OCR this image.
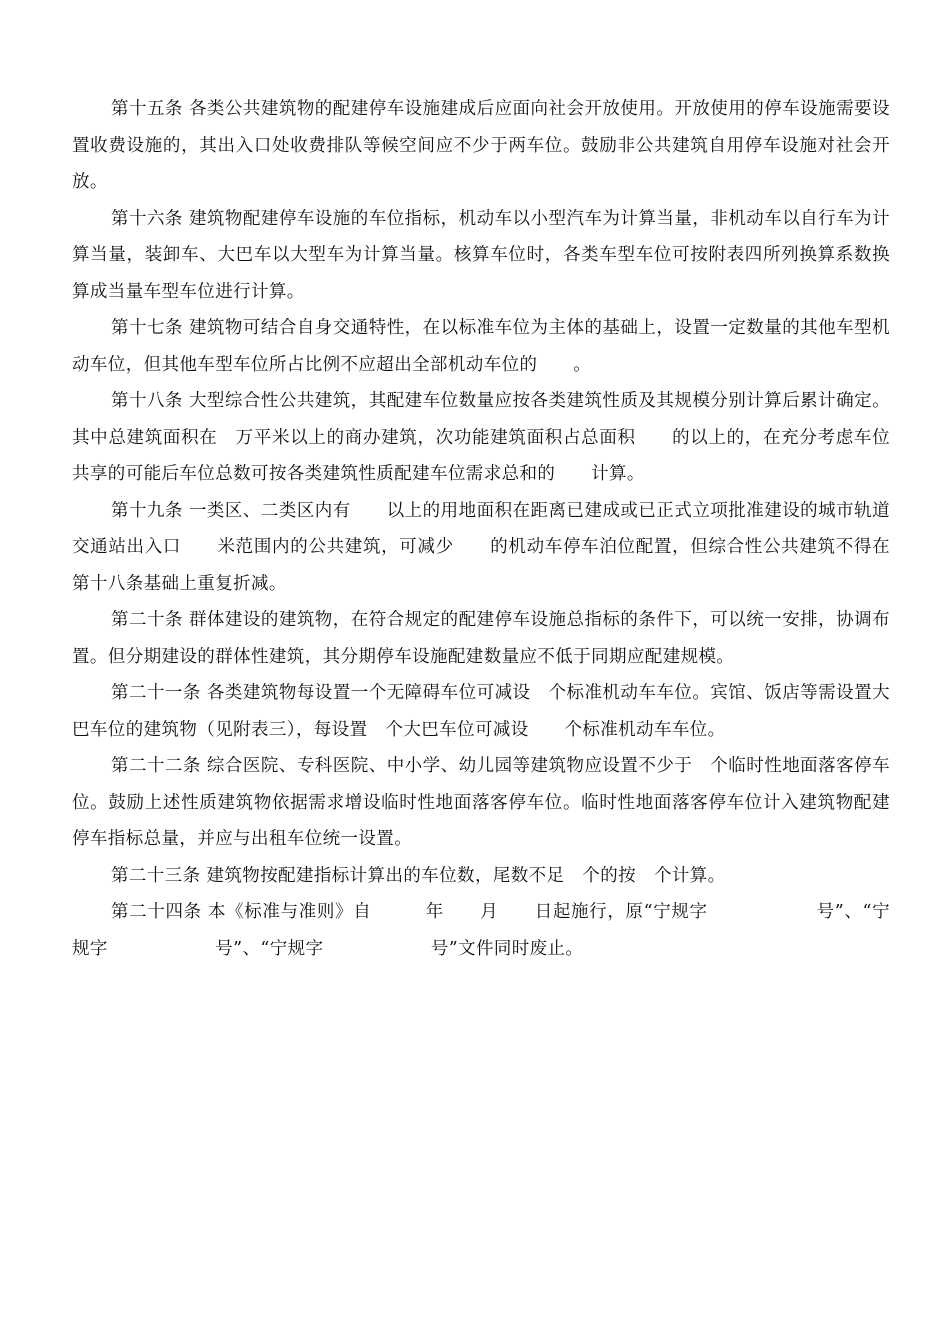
第十五条 各类公共建筑物的配建停车设施建成后应面向社会开放使用。开放使用的停车设施需要设置收费设施的，其出入口处收费排队等候空间应不少于两车位。鼓励非公共建筑自用停车设施对社会开放。

第十六条 建筑物配建停车设施的车位指标，机动车以小型汽车为计算当量，非机动车以自行车为计算当量，装卸车、大巴车以大型车为计算当量。核算车位时，各类车型车位可按附表四所列换算系数换算成当量车型车位进行计算。

第十七条 建筑物可结合自身交通特性，在以标准车位为主体的基础上，设置一定数量的其他车型机动车位，但其他车型车位所占比例不应超出全部机动车位的　　。

第十八条 大型综合性公共建筑，其配建车位数量应按各类建筑性质及其规模分别计算后累计确定。其中总建筑面积在　万平米以上的商办建筑，次功能建筑面积占总面积　　的以上的，在充分考虑车位共享的可能后车位总数可按各类建筑性质配建车位需求总和的　　计算。

第十九条 一类区、二类区内有　　以上的用地面积在距离已建成或已正式立项批准建设的城市轨道交通站出入口　　米范围内的公共建筑，可减少　　的机动车停车泊位配置，但综合性公共建筑不得在第十八条基础上重复折减。

第二十条 群体建设的建筑物，在符合规定的配建停车设施总指标的条件下，可以统一安排，协调布置。但分期建设的群体性建筑，其分期停车设施配建数量应不低于同期应配建规模。

第二十一条 各类建筑物每设置一个无障碍车位可减设　个标准机动车车位。宾馆、饭店等需设置大巴车位的建筑物（见附表三），每设置　个大巴车位可减设　　个标准机动车车位。

第二十二条 综合医院、专科医院、中小学、幼儿园等建筑物应设置不少于　个临时性地面落客停车位。鼓励上述性质建筑物依据需求增设临时性地面落客停车位。临时性地面落客停车位计入建筑物配建停车指标总量，并应与出租车位统一设置。

第二十三条 建筑物按配建指标计算出的车位数，尾数不足　个的按　个计算。

第二十四条 本《标准与准则》自　　　年　　月　　日起施行，原“宁规字　　　　　　号”、“宁规字　　　　　　号”、“宁规字　　　　　　号”文件同时废止。
